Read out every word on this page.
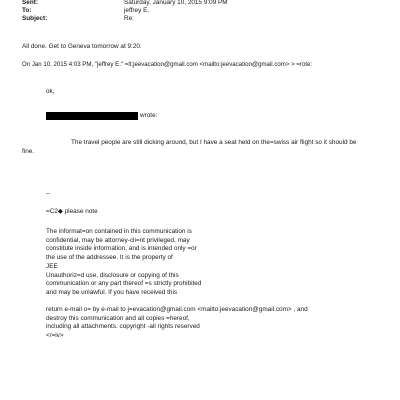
Sent:	Saturday, January 10, 2015 9:09 PM
To:	jeffrey E.
Subject:	Re:
All done. Get to Geneva tomorrow at 9:20.
On Jan 10, 2015 4:03 PM, "jeffrey E." =lt;jeevacation@gmail.com <mailto:jeevacation@gmail.com> > =rote:
ok,
wrote:
The travel people are still dicking around, but I have a seat held on the=swiss air flight so it should be
fine.
--
=C2◆ please note
The informat=on contained in this communication is
confidential, may be attorney-cli=nt privileged, may
constitute inside information, and is intended only =or
the use of the addressee. It is the property of
JEE
Unauthoriz=d use, disclosure or copying of this
communication or any part thereof =s strictly prohibited
and may be unlawful. If you have received this
return e-mail o= by e-mail to j=evacation@gmail.com <mailto:jeevacation@gmail.com> , and
destroy this communication and all copies =hereof,
including all attachments. copyright -all rights reserved
</=iv>
